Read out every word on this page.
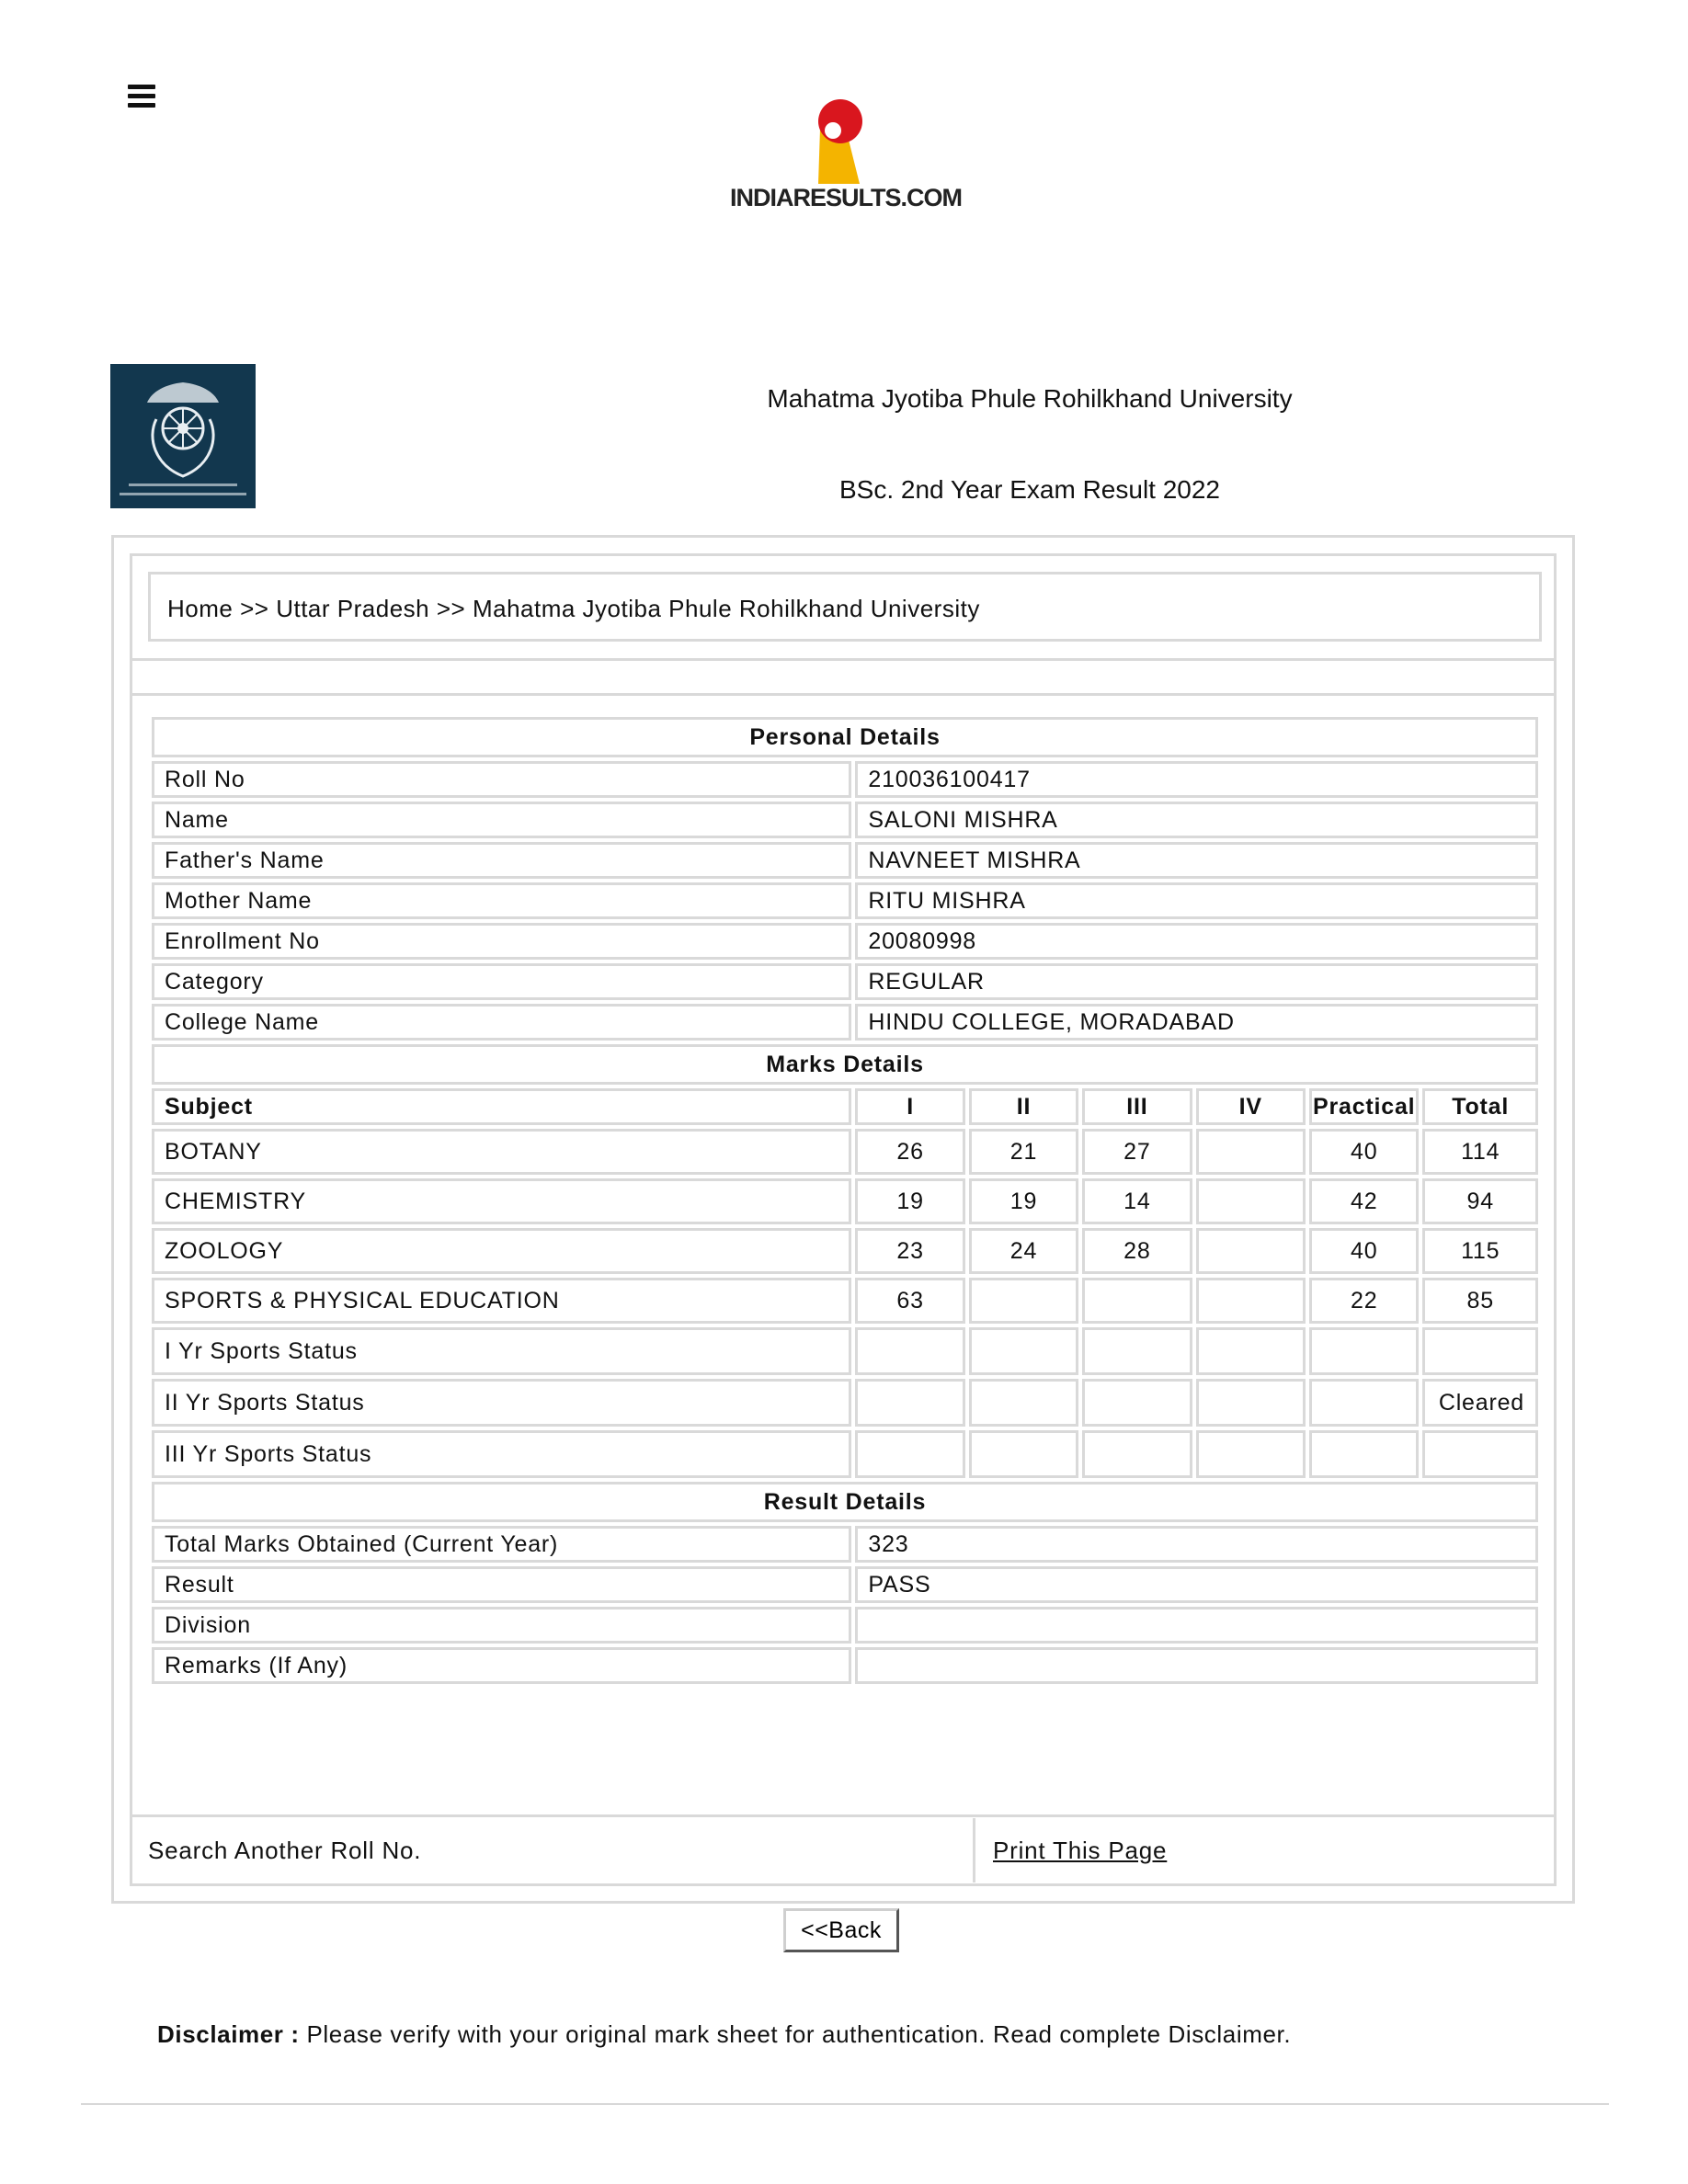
INDIARESULTS.COM
Mahatma Jyotiba Phule Rohilkhand University
BSc. 2nd Year Exam Result 2022
Home >> Uttar Pradesh >> Mahatma Jyotiba Phule Rohilkhand University
Personal Details						
Roll No	210036100417					
Name	SALONI MISHRA					
Father's Name	NAVNEET MISHRA					
Mother Name	RITU MISHRA					
Enrollment No	20080998					
Category	REGULAR					
College Name	HINDU COLLEGE, MORADABAD					
Marks Details						
Subject	I	II	III	IV	Practical	Total
BOTANY	26	21	27		40	114
CHEMISTRY	19	19	14		42	94
ZOOLOGY	23	24	28		40	115
SPORTS & PHYSICAL EDUCATION	63				22	85
I Yr Sports Status						
II Yr Sports Status						Cleared
III Yr Sports Status						
Result Details						
Total Marks Obtained (Current Year)	323					
Result	PASS					
Division						
Remarks (If Any)						
Search Another Roll No.	Print This Page
<<Back
Disclaimer : Please verify with your original mark sheet for authentication. Read complete Disclaimer.
